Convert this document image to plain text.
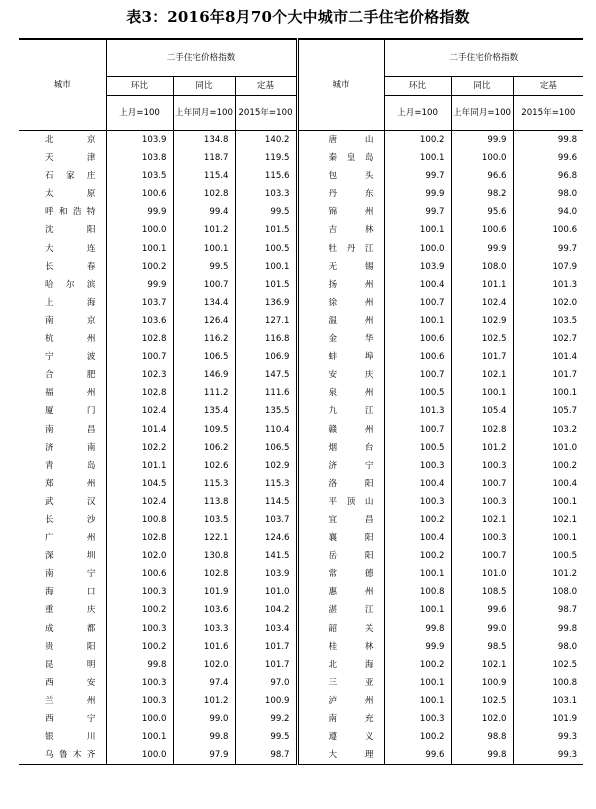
表3：2016年8月70个大中城市二手住宅价格指数
城市	二手住宅价格指数			城市	二手住宅价格指数		
	环比	同比	定基		环比	同比	定基
	上月=100	上年同月=100	2015年=100		上月=100	上年同月=100	2015年=100
北京	103.9	134.8	140.2	唐山	100.2	99.9	99.8
天津	103.8	118.7	119.5	秦皇岛	100.1	100.0	99.6
石家庄	103.5	115.4	115.6	包头	99.7	96.6	96.8
太原	100.6	102.8	103.3	丹东	99.9	98.2	98.0
呼和浩特	99.9	99.4	99.5	锦州	99.7	95.6	94.0
沈阳	100.0	101.2	101.5	吉林	100.1	100.6	100.6
大连	100.1	100.1	100.5	牡丹江	100.0	99.9	99.7
长春	100.2	99.5	100.1	无锡	103.9	108.0	107.9
哈尔滨	99.9	100.7	101.5	扬州	100.4	101.1	101.3
上海	103.7	134.4	136.9	徐州	100.7	102.4	102.0
南京	103.6	126.4	127.1	温州	100.1	102.9	103.5
杭州	102.8	116.2	116.8	金华	100.6	102.5	102.7
宁波	100.7	106.5	106.9	蚌埠	100.6	101.7	101.4
合肥	102.3	146.9	147.5	安庆	100.7	102.1	101.7
福州	102.8	111.2	111.6	泉州	100.5	100.1	100.1
厦门	102.4	135.4	135.5	九江	101.3	105.4	105.7
南昌	101.4	109.5	110.4	赣州	100.7	102.8	103.2
济南	102.2	106.2	106.5	烟台	100.5	101.2	101.0
青岛	101.1	102.6	102.9	济宁	100.3	100.3	100.2
郑州	104.5	115.3	115.3	洛阳	100.4	100.7	100.4
武汉	102.4	113.8	114.5	平顶山	100.3	100.3	100.1
长沙	100.8	103.5	103.7	宜昌	100.2	102.1	102.1
广州	102.8	122.1	124.6	襄阳	100.4	100.3	100.1
深圳	102.0	130.8	141.5	岳阳	100.2	100.7	100.5
南宁	100.6	102.8	103.9	常德	100.1	101.0	101.2
海口	100.3	101.9	101.0	惠州	100.8	108.5	108.0
重庆	100.2	103.6	104.2	湛江	100.1	99.6	98.7
成都	100.3	103.3	103.4	韶关	99.8	99.0	99.8
贵阳	100.2	101.6	101.7	桂林	99.9	98.5	98.0
昆明	99.8	102.0	101.7	北海	100.2	102.1	102.5
西安	100.3	97.4	97.0	三亚	100.1	100.9	100.8
兰州	100.3	101.2	100.9	泸州	100.1	102.5	103.1
西宁	100.0	99.0	99.2	南充	100.3	102.0	101.9
银川	100.1	99.8	99.5	遵义	100.2	98.8	99.3
乌鲁木齐	100.0	97.9	98.7	大理	99.6	99.8	99.3
